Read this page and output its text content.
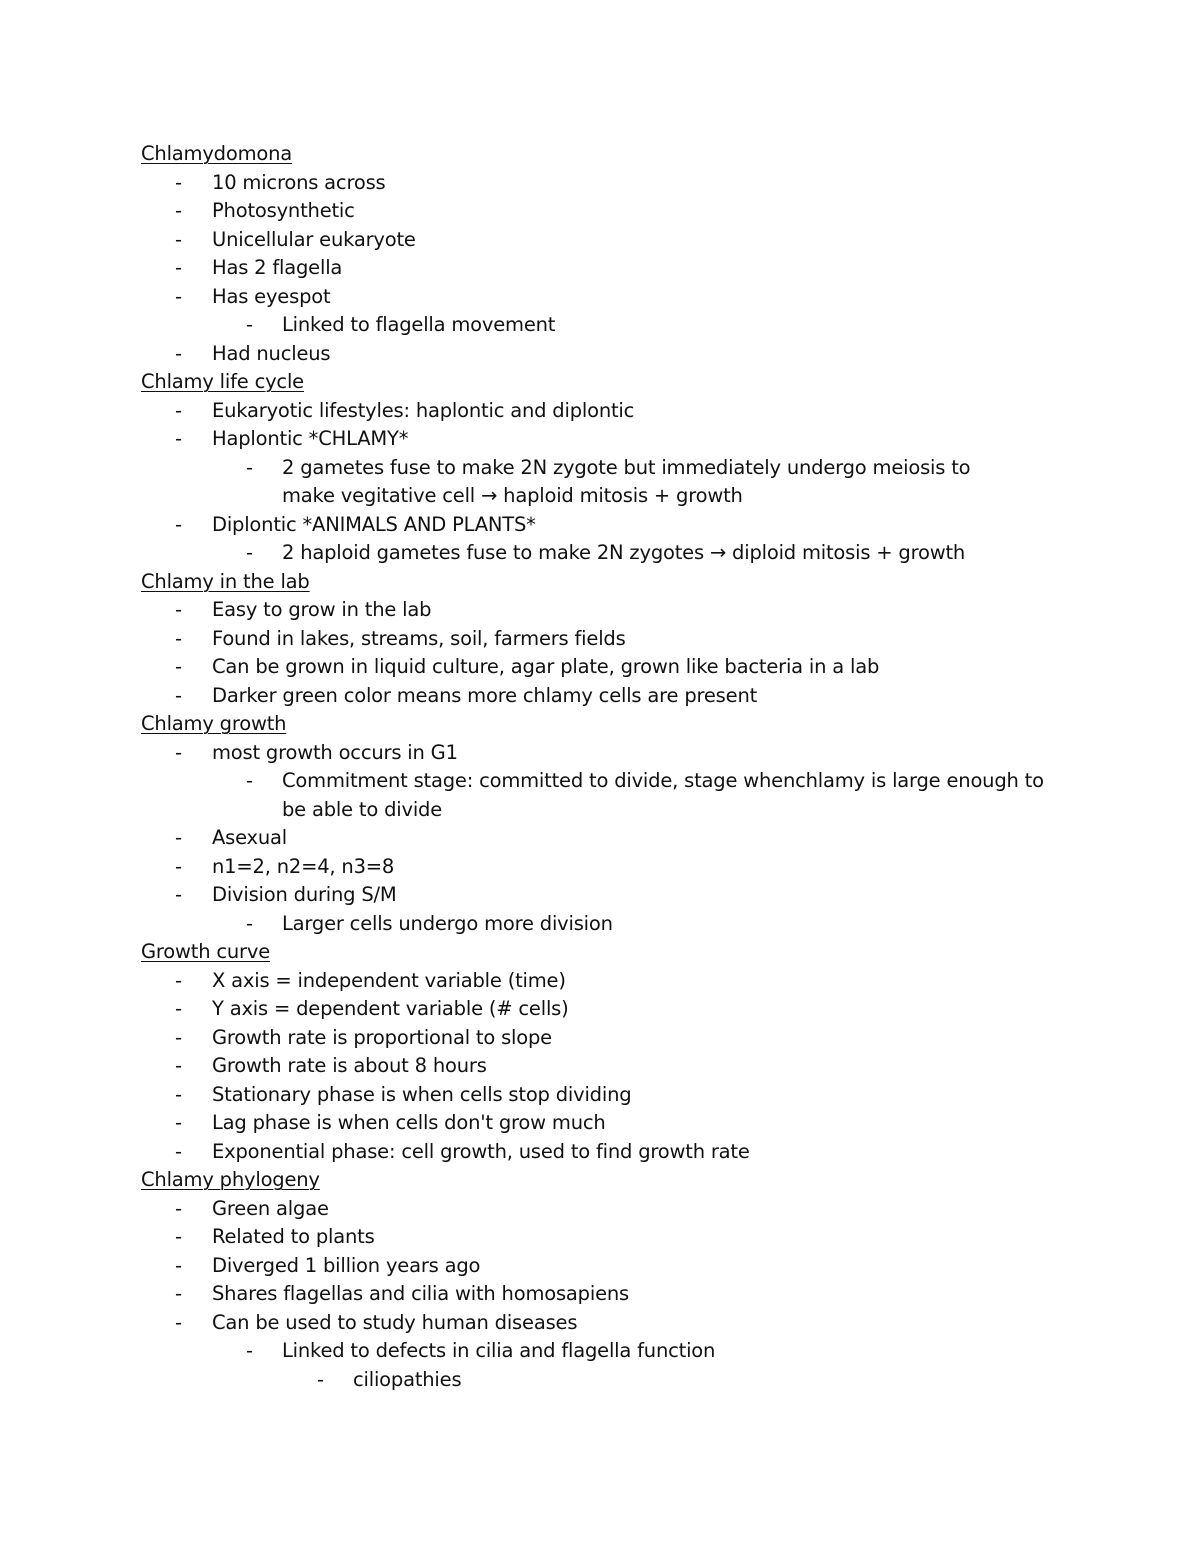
Chlamydomona
- 10 microns across
- Photosynthetic
- Unicellular eukaryote
- Has 2 flagella
- Has eyespot
- Linked to flagella movement
- Had nucleus
Chlamy life cycle
- Eukaryotic lifestyles: haplontic and diplontic
- Haplontic *CHLAMY*
- 2 gametes fuse to make 2N zygote but immediately undergo meiosis to
make vegitative cell → haploid mitosis + growth
- Diplontic *ANIMALS AND PLANTS*
- 2 haploid gametes fuse to make 2N zygotes → diploid mitosis + growth
Chlamy in the lab
- Easy to grow in the lab
- Found in lakes, streams, soil, farmers fields
- Can be grown in liquid culture, agar plate, grown like bacteria in a lab
- Darker green color means more chlamy cells are present
Chlamy growth
- most growth occurs in G1
- Commitment stage: committed to divide, stage whenchlamy is large enough to
be able to divide
- Asexual
- n1=2, n2=4, n3=8
- Division during S/M
- Larger cells undergo more division
Growth curve
- X axis = independent variable (time)
- Y axis = dependent variable (# cells)
- Growth rate is proportional to slope
- Growth rate is about 8 hours
- Stationary phase is when cells stop dividing
- Lag phase is when cells don't grow much
- Exponential phase: cell growth, used to find growth rate
Chlamy phylogeny
- Green algae
- Related to plants
- Diverged 1 billion years ago
- Shares flagellas and cilia with homosapiens
- Can be used to study human diseases
- Linked to defects in cilia and flagella function
- ciliopathies
